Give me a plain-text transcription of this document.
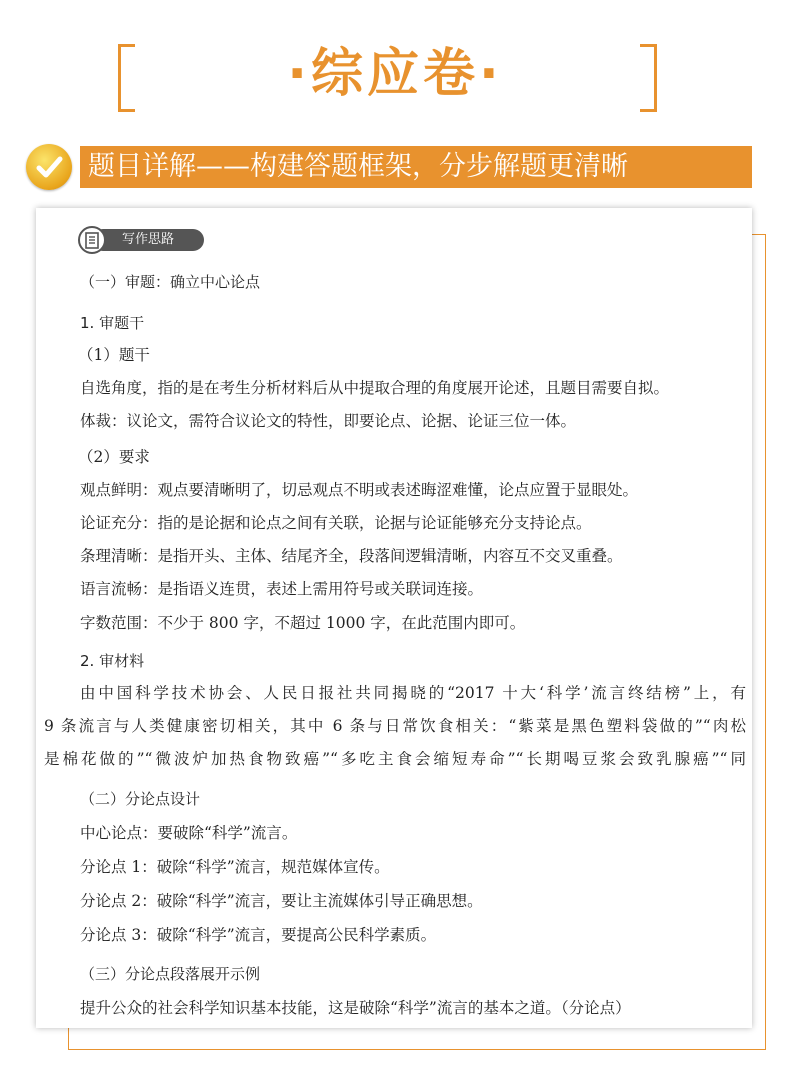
·综应卷·
题目详解——构建答题框架，分步解题更清晰
写作思路
（一）审题：确立中心论点
1. 审题干
（1）题干
自选角度，指的是在考生分析材料后从中提取合理的角度展开论述，且题目需要自拟。
体裁：议论文，需符合议论文的特性，即要论点、论据、论证三位一体。
（2）要求
观点鲜明：观点要清晰明了，切忌观点不明或表述晦涩难懂，论点应置于显眼处。
论证充分：指的是论据和论点之间有关联，论据与论证能够充分支持论点。
条理清晰：是指开头、主体、结尾齐全，段落间逻辑清晰，内容互不交叉重叠。
语言流畅：是指语义连贯，表述上需用符号或关联词连接。
字数范围：不少于 800 字，不超过 1000 字，在此范围内即可。
2. 审材料
由中国科学技术协会、人民日报社共同揭晓的“2017 十大‘科学’流言终结榜”上，有
9 条流言与人类健康密切相关，其中 6 条与日常饮食相关：“紫菜是黑色塑料袋做的”“肉松
是棉花做的”“微波炉加热食物致癌”“多吃主食会缩短寿命”“长期喝豆浆会致乳腺癌”“同
（二）分论点设计
中心论点：要破除“科学”流言。
分论点 1：破除“科学”流言，规范媒体宣传。
分论点 2：破除“科学”流言，要让主流媒体引导正确思想。
分论点 3：破除“科学”流言，要提高公民科学素质。
（三）分论点段落展开示例
提升公众的社会科学知识基本技能，这是破除“科学”流言的基本之道。（分论点）
